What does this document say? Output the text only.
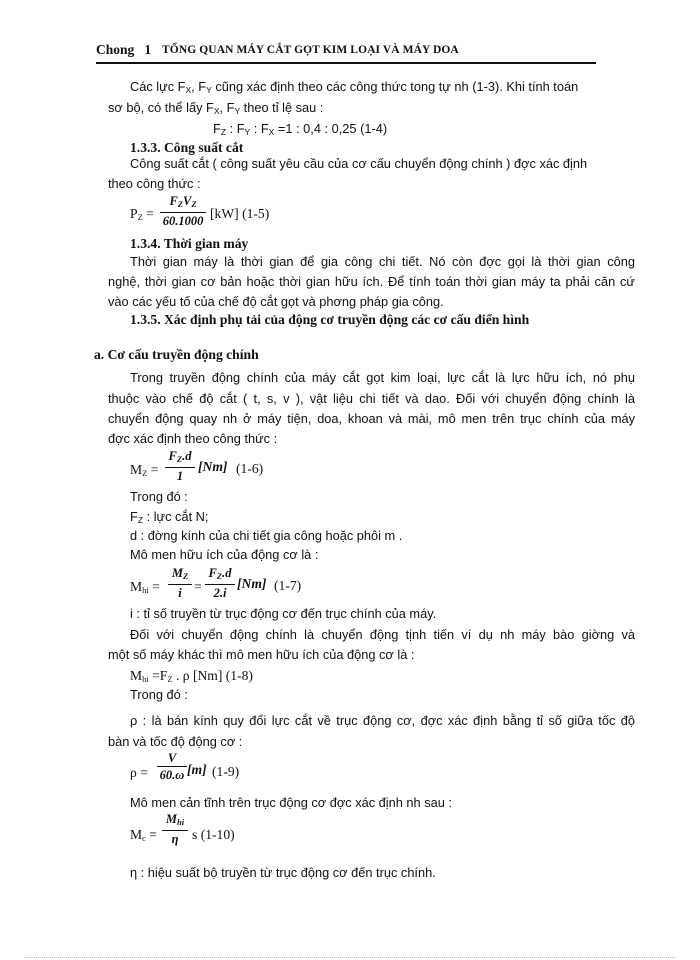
Chong 1 TỔNG QUAN MÁY CẮT GỌT KIM LOẠI VÀ MÁY DOA
Các lực $F_X$, $F_Y$ cũng xác định theo các công thức tong tự nh (1-3). Khi tính toán
sơ bộ, có thể lấy $F_X$, $F_Y$ theo tỉ lệ sau :
$F_Z$ : $F_Y$ : $F_X =1$ : 0,4 : 0,25 (1-4)
1.3.3. Công suất cắt
Công suất cắt ( công suất yêu cầu của cơ cấu chuyển động chính ) đợc xác định
theo công thức :
$P_Z$ =
$F_ZV_Z$
60.1000 [kW] (1-5)
1.3.4. Thời gian máy
Thời gian máy là thời gian để gia công chi tiết. Nó còn đợc gọi là thời gian công
nghệ, thời gian cơ bản hoặc thời gian hữu ích. Để tính toán thời gian máy ta phải căn cứ
vào các yếu tố của chế độ cắt gọt và phơng pháp gia công.
1.3.5. Xác định phụ tải của động cơ truyền động các cơ cấu điển hình
a. Cơ cấu truyền động chính
Trong truyền động chính của máy cắt gọt kim loại, lực cắt là lực hữu ích, nó phụ
thuộc vào chế độ cắt ( t, s, v ), vật liệu chi tiết và dao. Đối với chuyển động chính là
chuyển động quay nh ở máy tiện, doa, khoan và mài, mô men trên trục chính của máy
đợc xác định theo công thức :
$M_Z$ =
$F_Z.d$
1
[Nm] (1-6)
Trong đó :
$F_Z$ : lực cắt N;
d : đờng kính của chi tiết gia công hoặc phôi m .
Mô men hữu ích của động cơ là :
$M_{hi}$ =
$M_Z$
i =
$F_Z.d$
2.i
[Nm] (1-7)
i : tỉ số truyền từ trục động cơ đến trục chính của máy.
Đối với chuyển động chính là chuyển động tịnh tiến ví dụ nh máy bào giờng và
một số máy khác thì mô men hữu ích của động cơ là :
$M_{hi} =F_Z$ . ρ [Nm] (1-8)
Trong đó :
ρ : là bán kính quy đổi lực cắt về trục động cơ, đợc xác định bằng tỉ số giữa tốc độ
bàn và tốc độ động cơ :
ρ =
V
60.ω [m] (1-9)
Mô men cản tĩnh trên trục động cơ đợc xác định nh sau :
$M_c$ =
$M_{hi}$
η s (1-10)
η : hiệu suất bộ truyền từ trục động cơ đến trục chính.
